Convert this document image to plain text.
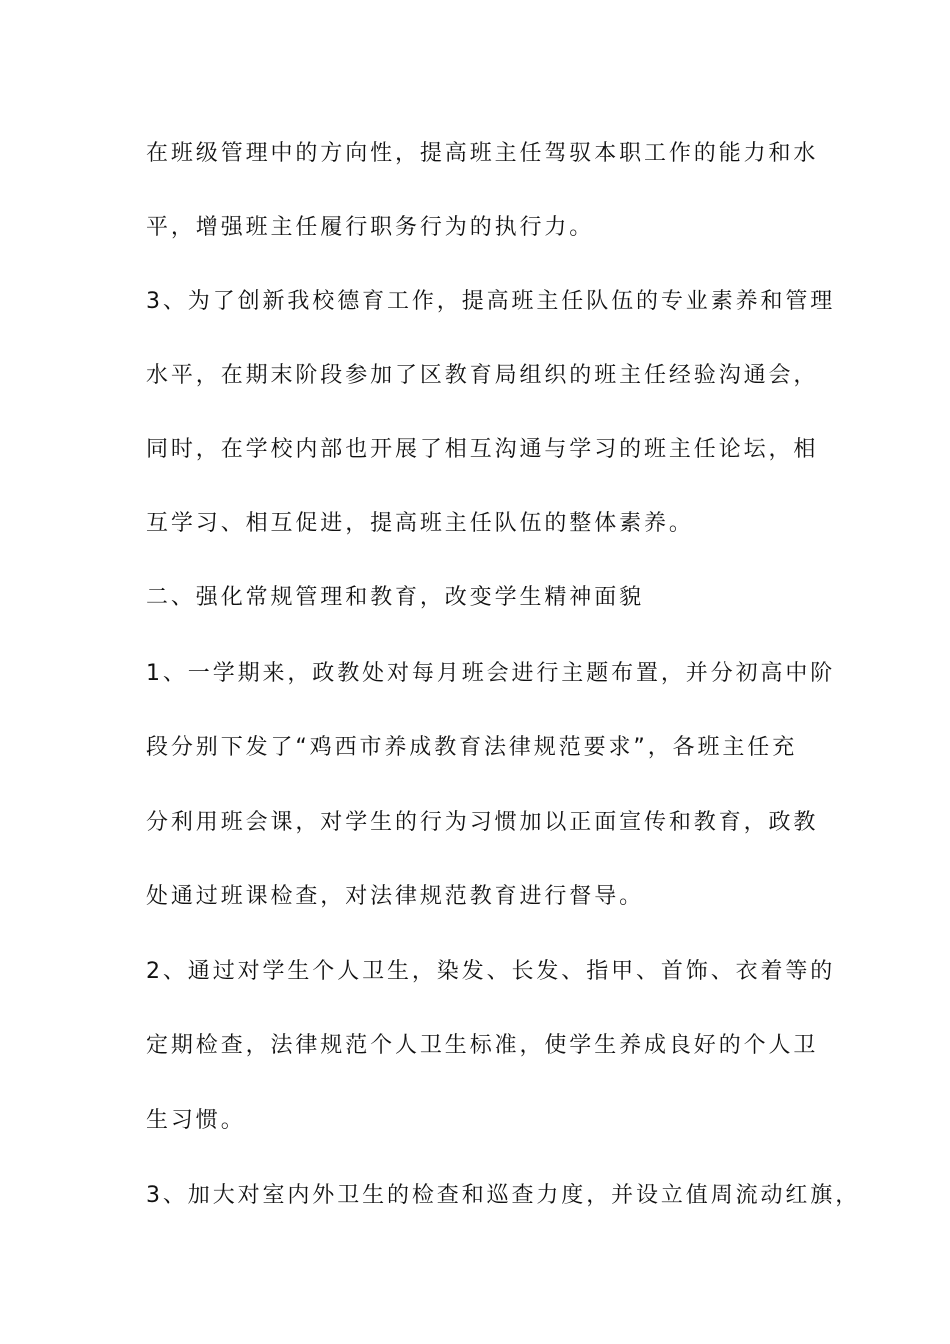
在班级管理中的方向性，提高班主任驾驭本职工作的能力和水
平，增强班主任履行职务行为的执行力。
3、为了创新我校德育工作，提高班主任队伍的专业素养和管理
水平，在期末阶段参加了区教育局组织的班主任经验沟通会，
同时，在学校内部也开展了相互沟通与学习的班主任论坛，相
互学习、相互促进，提高班主任队伍的整体素养。
二、强化常规管理和教育，改变学生精神面貌
1、一学期来，政教处对每月班会进行主题布置，并分初高中阶
段分别下发了“鸡西市养成教育法律规范要求”，各班主任充
分利用班会课，对学生的行为习惯加以正面宣传和教育，政教
处通过班课检查，对法律规范教育进行督导。
2、通过对学生个人卫生，染发、长发、指甲、首饰、衣着等的
定期检查，法律规范个人卫生标准，使学生养成良好的个人卫
生习惯。
3、加大对室内外卫生的检查和巡查力度，并设立值周流动红旗，
